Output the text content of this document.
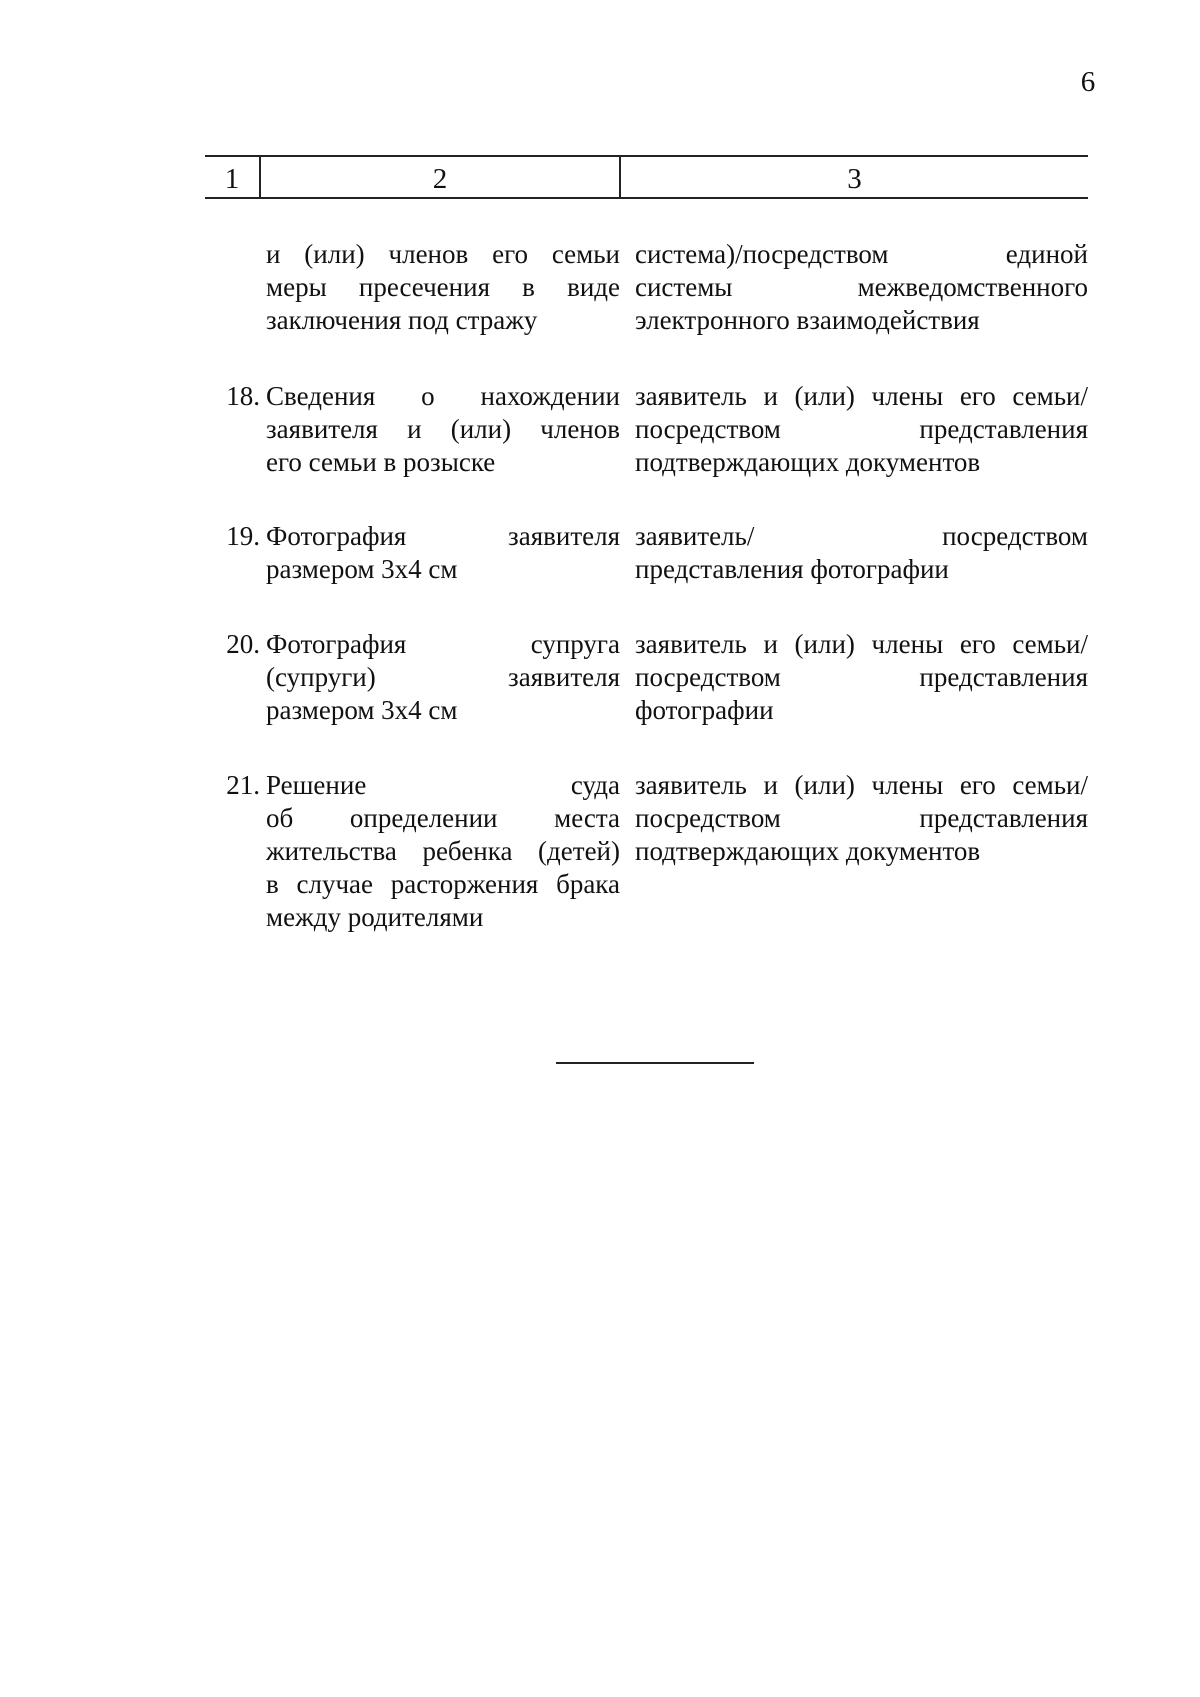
6
1	2	3
и (или) членов его семьи
меры пресечения в виде
заключения под стражу
система)/посредством единой
системы межведомственного
электронного взаимодействия
18. Сведения о нахождении
заявителя и (или) членов
его семьи в розыске
заявитель и (или) члены его семьи/
посредством представления
подтверждающих документов
19. Фотография заявителя
размером 3x4 см
заявитель/ посредством
представления фотографии
20. Фотография супруга
(супруги) заявителя
размером 3x4 см
заявитель и (или) члены его семьи/
посредством представления
фотографии
21. Решение суда
об определении места
жительства ребенка (детей)
в случае расторжения брака
между родителями
заявитель и (или) члены его семьи/
посредством представления
подтверждающих документов
